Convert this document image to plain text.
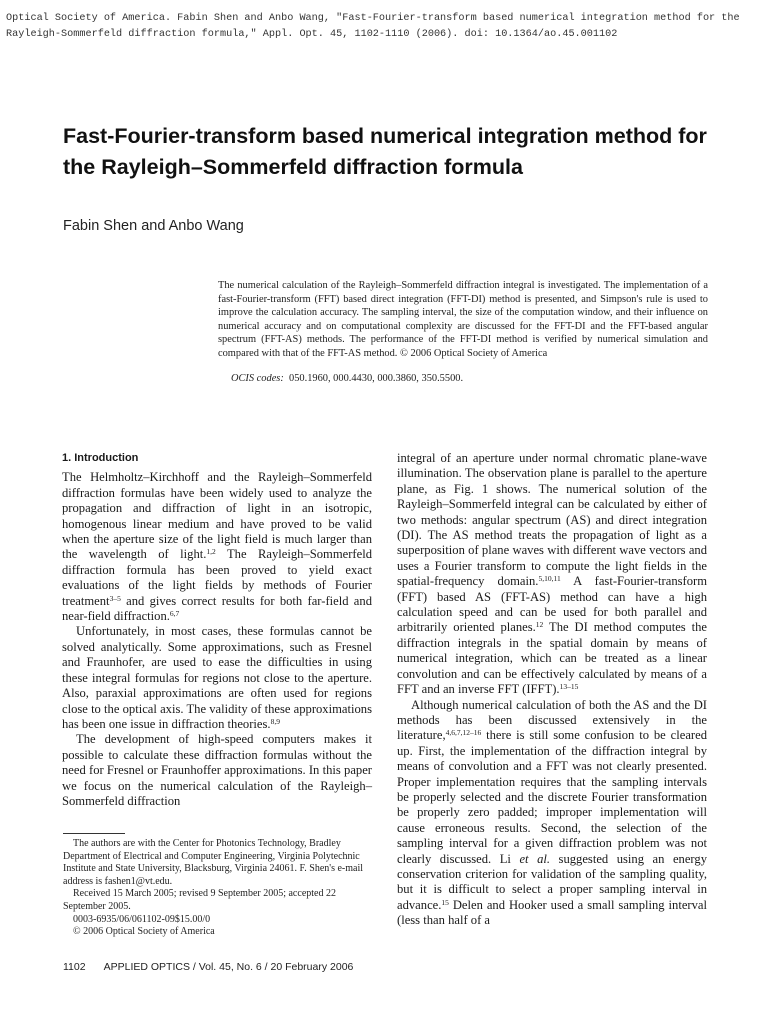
Optical Society of America. Fabin Shen and Anbo Wang, "Fast-Fourier-transform based numerical integration method for the Rayleigh-Sommerfeld diffraction formula," Appl. Opt. 45, 1102-1110 (2006). doi: 10.1364/ao.45.001102
Fast-Fourier-transform based numerical integration method for the Rayleigh–Sommerfeld diffraction formula
Fabin Shen and Anbo Wang
The numerical calculation of the Rayleigh–Sommerfeld diffraction integral is investigated. The implementation of a fast-Fourier-transform (FFT) based direct integration (FFT-DI) method is presented, and Simpson's rule is used to improve the calculation accuracy. The sampling interval, the size of the computation window, and their influence on numerical accuracy and on computational complexity are discussed for the FFT-DI and the FFT-based angular spectrum (FFT-AS) methods. The performance of the FFT-DI method is verified by numerical simulation and compared with that of the FFT-AS method. © 2006 Optical Society of America
OCIS codes: 050.1960, 000.4430, 000.3860, 350.5500.
1. Introduction

The Helmholtz–Kirchhoff and the Rayleigh–Sommerfeld diffraction formulas have been widely used to analyze the propagation and diffraction of light in an isotropic, homogenous linear medium and have proved to be valid when the aperture size of the light field is much larger than the wavelength of light.$^{1,2}$ The Rayleigh–Sommerfeld diffraction formula has been proved to yield exact evaluations of the light fields by methods of Fourier treatment$^{3-5}$ and gives correct results for both far-field and near-field diffraction.$^{6,7}$

Unfortunately, in most cases, these formulas cannot be solved analytically. Some approximations, such as Fresnel and Fraunhofer, are used to ease the difficulties in using these integral formulas for regions not close to the aperture. Also, paraxial approximations are often used for regions close to the optical axis. The validity of these approximations has been one issue in diffraction theories.$^{8,9}$

The development of high-speed computers makes it possible to calculate these diffraction formulas without the need for Fresnel or Fraunhoffer approximations. In this paper we focus on the numerical calculation of the Rayleigh–Sommerfeld diffraction

integral of an aperture under normal chromatic plane-wave illumination. The observation plane is parallel to the aperture plane, as Fig. 1 shows. The numerical solution of the Rayleigh–Sommerfeld integral can be calculated by either of two methods: angular spectrum (AS) and direct integration (DI). The AS method treats the propagation of light as a superposition of plane waves with different wave vectors and uses a Fourier transform to compute the light fields in the spatial-frequency domain.$^{5,10,11}$ A fast-Fourier-transform (FFT) based AS (FFT-AS) method can have a high calculation speed and can be used for both parallel and arbitrarily oriented planes.$^{12}$ The DI method computes the diffraction integrals in the spatial domain by means of numerical integration, which can be treated as a linear convolution and can be effectively calculated by means of a FFT and an inverse FFT (IFFT).$^{13-15}$

Although numerical calculation of both the AS and the DI methods has been discussed extensively in the literature,$^{4,6,7,12-16}$ there is still some confusion to be cleared up. First, the implementation of the diffraction integral by means of convolution and a FFT was not clearly presented. Proper implementation requires that the sampling intervals be properly selected and the discrete Fourier transformation be properly zero padded; improper implementation will cause erroneous results. Second, the selection of the sampling interval for a given diffraction problem was not clearly discussed. Li et al. suggested using an energy conservation criterion for validation of the sampling quality, but it is difficult to select a proper sampling interval in advance.$^{15}$ Delen and Hooker used a small sampling interval (less than half of a

The authors are with the Center for Photonics Technology, Bradley Department of Electrical and Computer Engineering, Virginia Polytechnic Institute and State University, Blacksburg, Virginia 24061. F. Shen's e-mail address is fashen1@vt.edu.

Received 15 March 2005; revised 9 September 2005; accepted 22 September 2005.

0003-6935/06/061102-09$15.00/0

© 2006 Optical Society of America

1102 APPLIED OPTICS / Vol. 45, No. 6 / 20 February 2006
